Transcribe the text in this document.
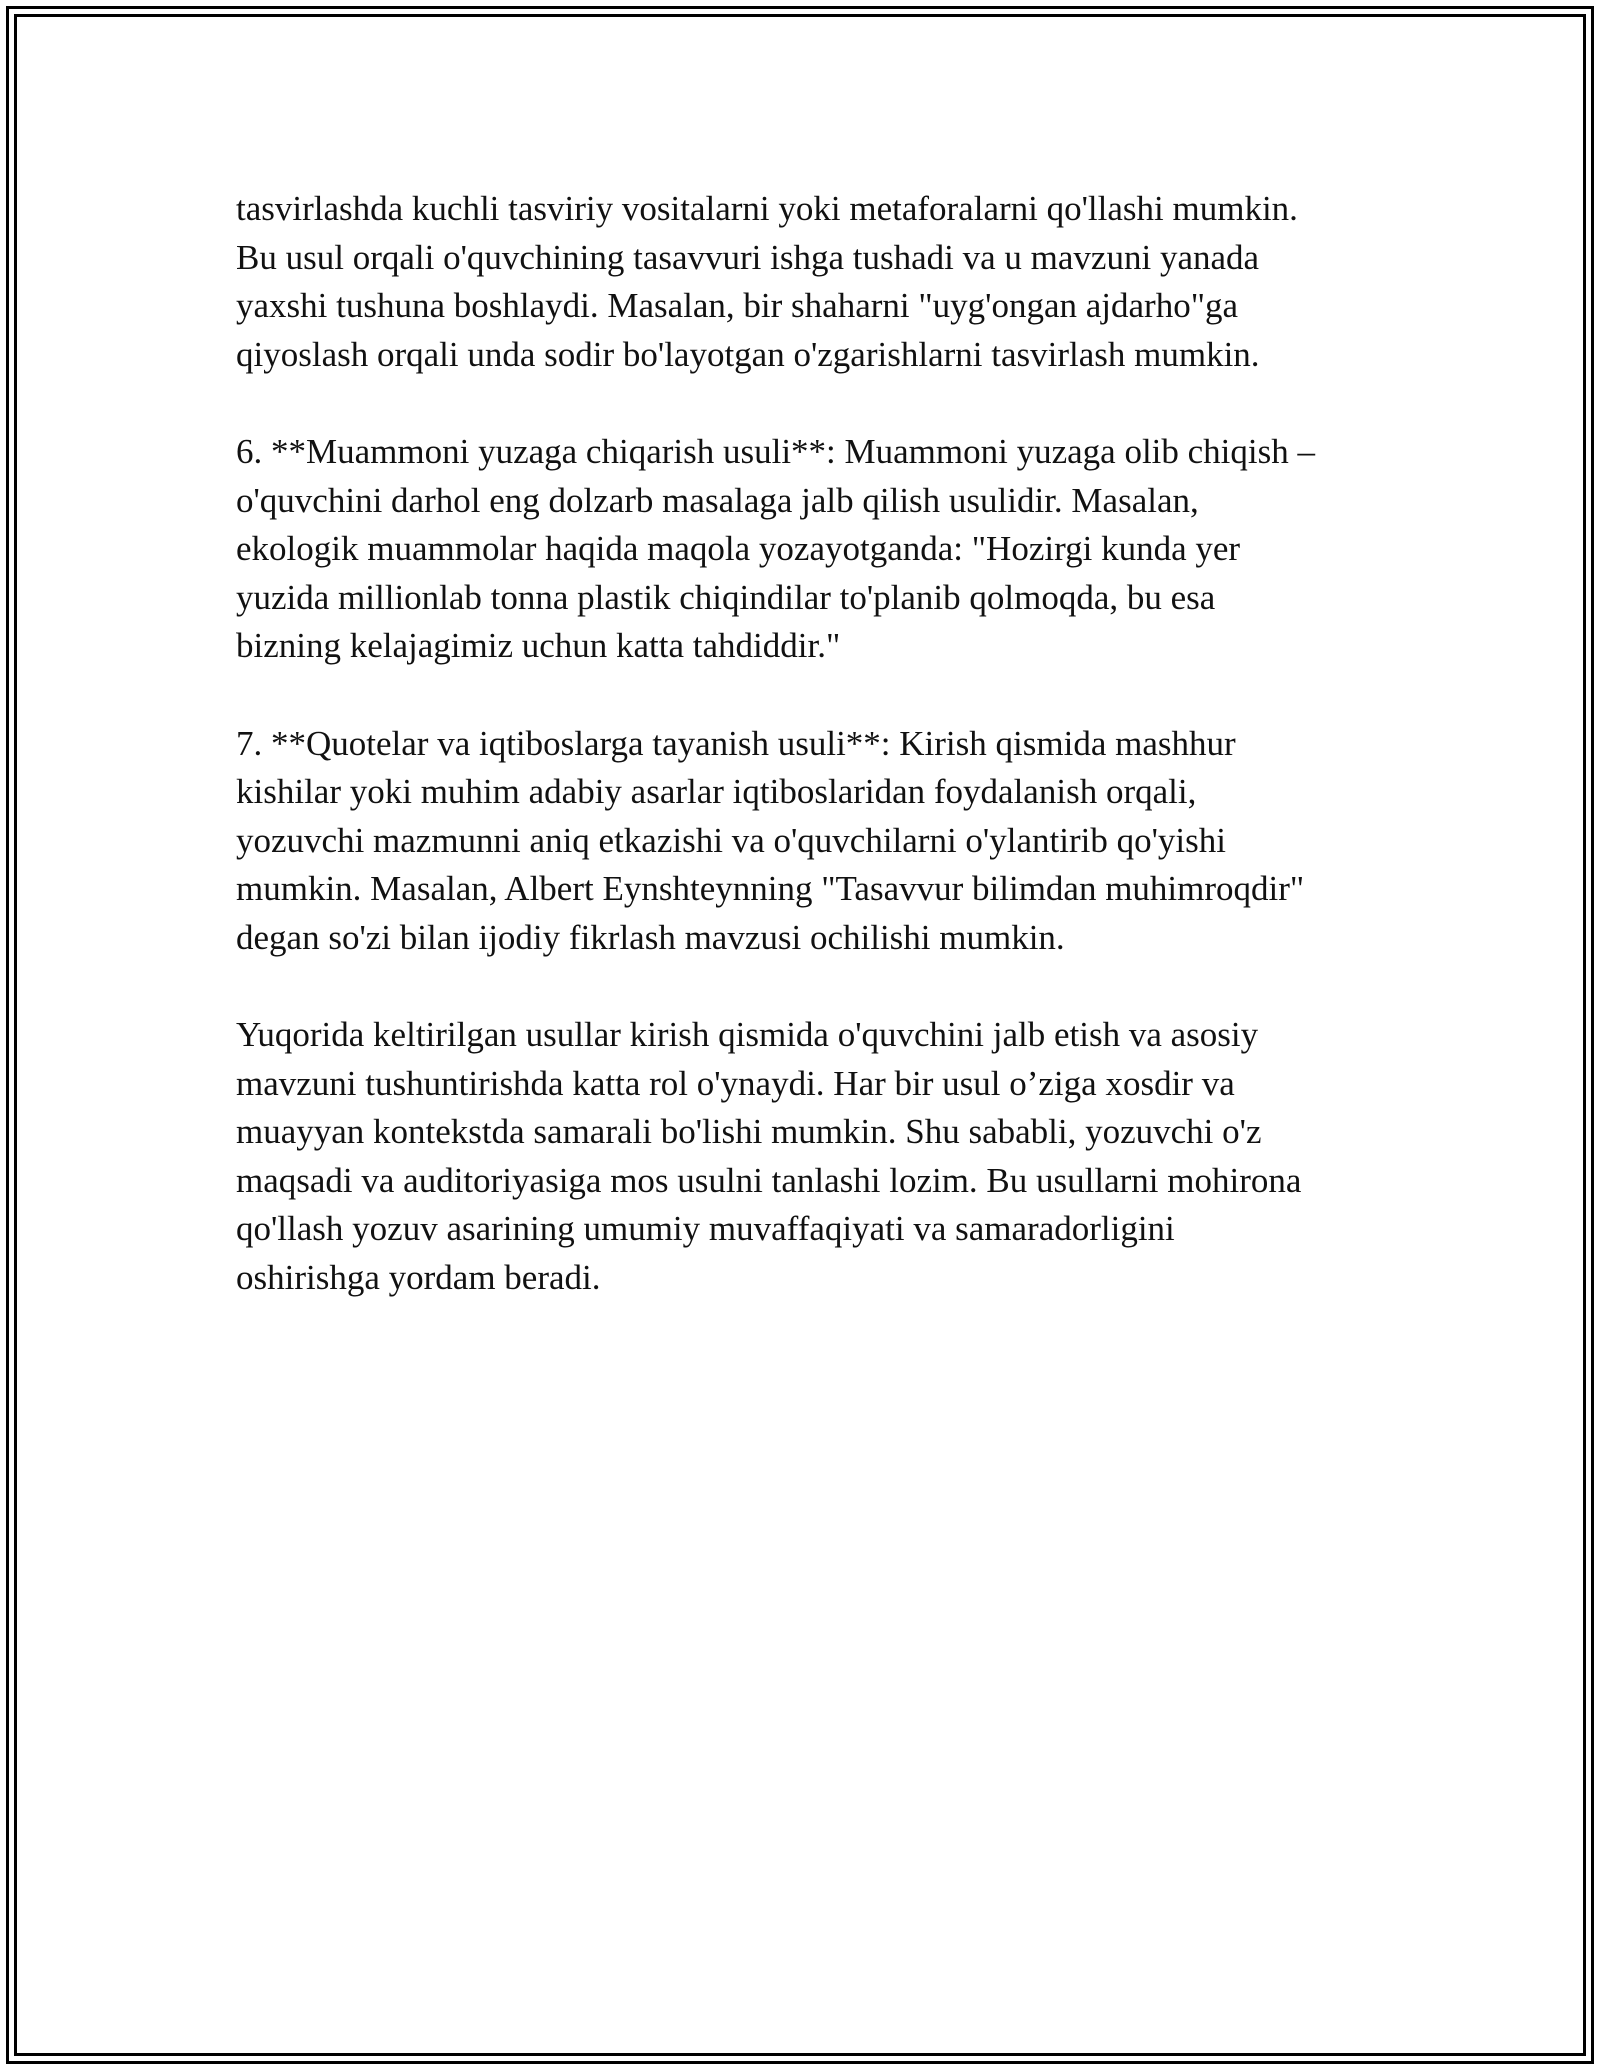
tasvirlashda kuchli tasviriy vositalarni yoki metaforalarni qo'llashi mumkin.
Bu usul orqali o'quvchining tasavvuri ishga tushadi va u mavzuni yanada
yaxshi tushuna boshlaydi. Masalan, bir shaharni "uyg'ongan ajdarho"ga
qiyoslash orqali unda sodir bo'layotgan o'zgarishlarni tasvirlash mumkin.

6. **Muammoni yuzaga chiqarish usuli**: Muammoni yuzaga olib chiqish –
o'quvchini darhol eng dolzarb masalaga jalb qilish usulidir. Masalan,
ekologik muammolar haqida maqola yozayotganda: "Hozirgi kunda yer
yuzida millionlab tonna plastik chiqindilar to'planib qolmoqda, bu esa
bizning kelajagimiz uchun katta tahdiddir."

7. **Quotelar va iqtiboslarga tayanish usuli**: Kirish qismida mashhur
kishilar yoki muhim adabiy asarlar iqtiboslaridan foydalanish orqali,
yozuvchi mazmunni aniq etkazishi va o'quvchilarni o'ylantirib qo'yishi
mumkin. Masalan, Albert Eynshteynning "Tasavvur bilimdan muhimroqdir"
degan so'zi bilan ijodiy fikrlash mavzusi ochilishi mumkin.

Yuqorida keltirilgan usullar kirish qismida o'quvchini jalb etish va asosiy
mavzuni tushuntirishda katta rol o'ynaydi. Har bir usul o’ziga xosdir va
muayyan kontekstda samarali bo'lishi mumkin. Shu sababli, yozuvchi o'z
maqsadi va auditoriyasiga mos usulni tanlashi lozim. Bu usullarni mohirona
qo'llash yozuv asarining umumiy muvaffaqiyati va samaradorligini
oshirishga yordam beradi.
